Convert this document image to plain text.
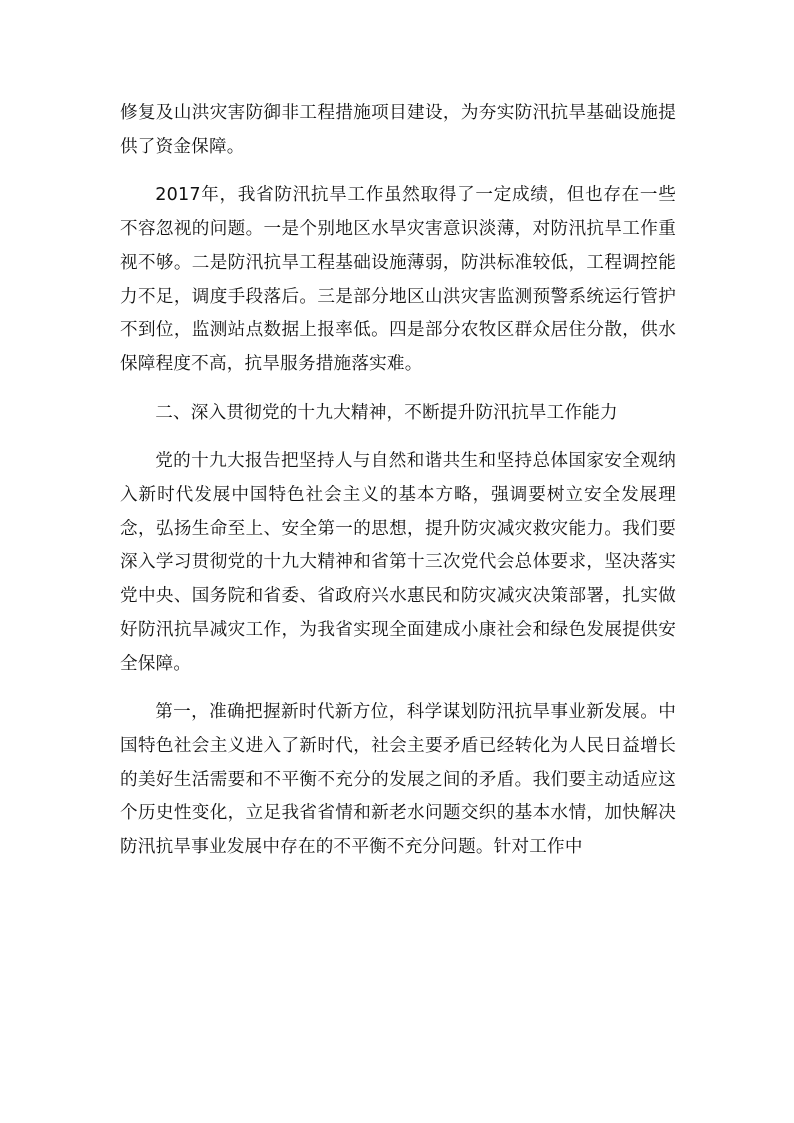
修复及山洪灾害防御非工程措施项目建设，为夯实防汛抗旱基础设施提供了资金保障。

2017年，我省防汛抗旱工作虽然取得了一定成绩，但也存在一些不容忽视的问题。一是个别地区水旱灾害意识淡薄，对防汛抗旱工作重视不够。二是防汛抗旱工程基础设施薄弱，防洪标准较低，工程调控能力不足，调度手段落后。三是部分地区山洪灾害监测预警系统运行管护不到位，监测站点数据上报率低。四是部分农牧区群众居住分散，供水保障程度不高，抗旱服务措施落实难。

二、深入贯彻党的十九大精神，不断提升防汛抗旱工作能力

党的十九大报告把坚持人与自然和谐共生和坚持总体国家安全观纳入新时代发展中国特色社会主义的基本方略，强调要树立安全发展理念，弘扬生命至上、安全第一的思想，提升防灾减灾救灾能力。我们要深入学习贯彻党的十九大精神和省第十三次党代会总体要求，坚决落实党中央、国务院和省委、省政府兴水惠民和防灾减灾决策部署，扎实做好防汛抗旱减灾工作，为我省实现全面建成小康社会和绿色发展提供安全保障。

第一，准确把握新时代新方位，科学谋划防汛抗旱事业新发展。中国特色社会主义进入了新时代，社会主要矛盾已经转化为人民日益增长的美好生活需要和不平衡不充分的发展之间的矛盾。我们要主动适应这个历史性变化，立足我省省情和新老水问题交织的基本水情，加快解决防汛抗旱事业发展中存在的不平衡不充分问题。针对工作中
